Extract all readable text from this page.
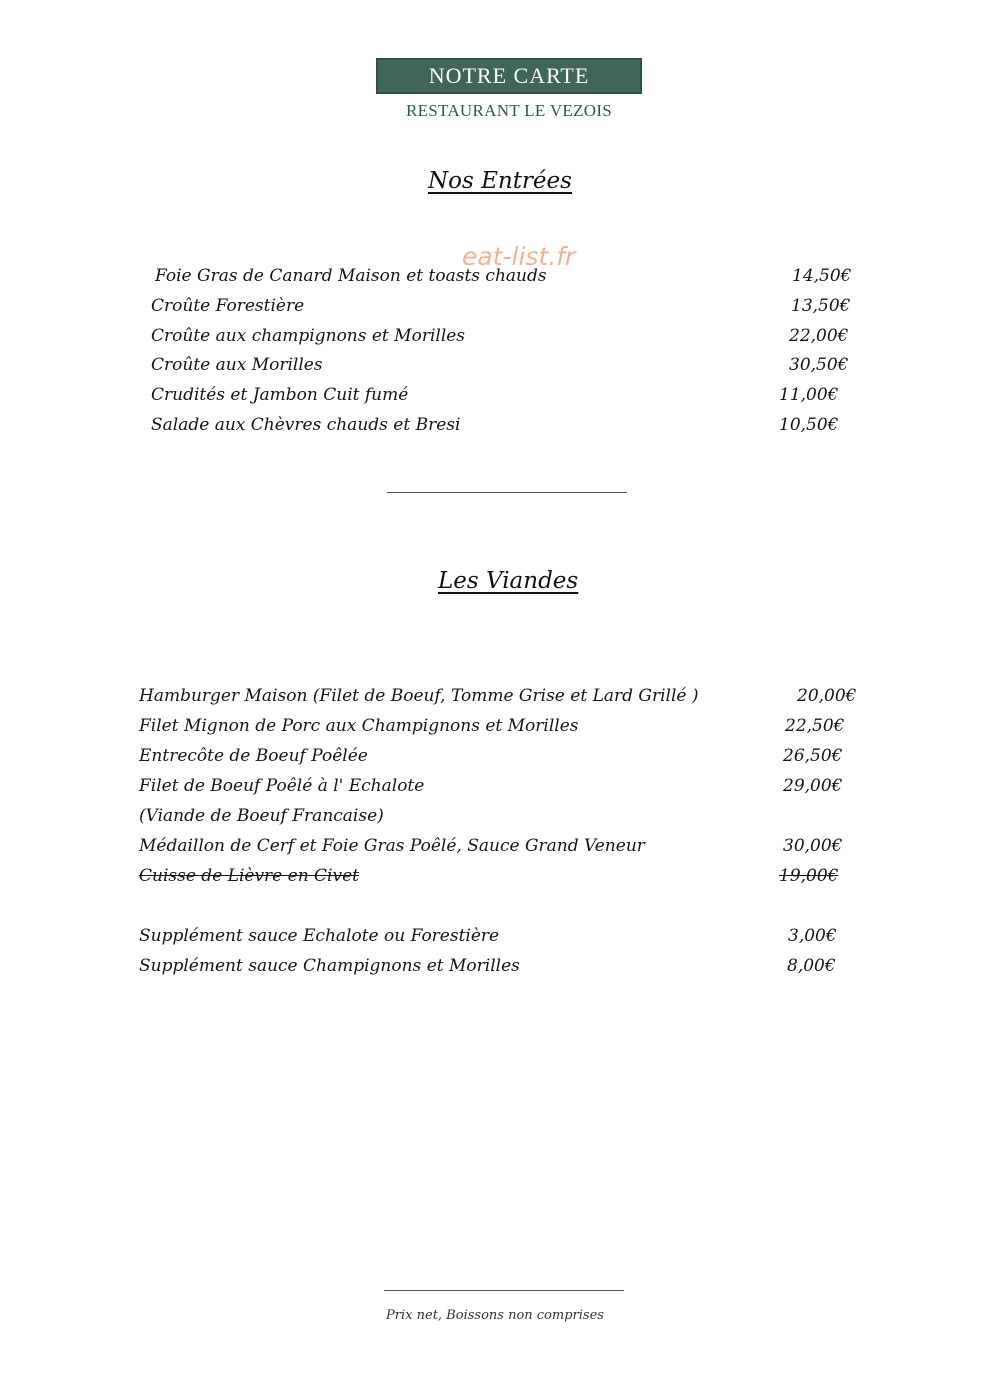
NOTRE CARTE
RESTAURANT LE VEZOIS
eat-list.fr
Nos Entrées
Foie Gras de Canard Maison et toasts chauds	14,50€
Croûte Forestière	13,50€
Croûte aux champignons et Morilles	22,00€
Croûte aux Morilles	30,50€
Crudités et Jambon Cuit fumé	11,00€
Salade aux Chèvres chauds et Bresi	10,50€
Les Viandes
Hamburger Maison (Filet de Boeuf, Tomme Grise et Lard Grillé )	20,00€
Filet Mignon de Porc aux Champignons et Morilles	22,50€
Entrecôte de Boeuf Poêlée	26,50€
Filet de Boeuf Poêlé à l' Echalote	29,00€
(Viande de Boeuf Francaise)
Médaillon de Cerf et Foie Gras Poêlé, Sauce Grand Veneur	30,00€
Cuisse de Lièvre en Civet	19,00€
Supplément sauce Echalote ou Forestière	3,00€
Supplément sauce Champignons et Morilles	8,00€
Prix net, Boissons non comprises
